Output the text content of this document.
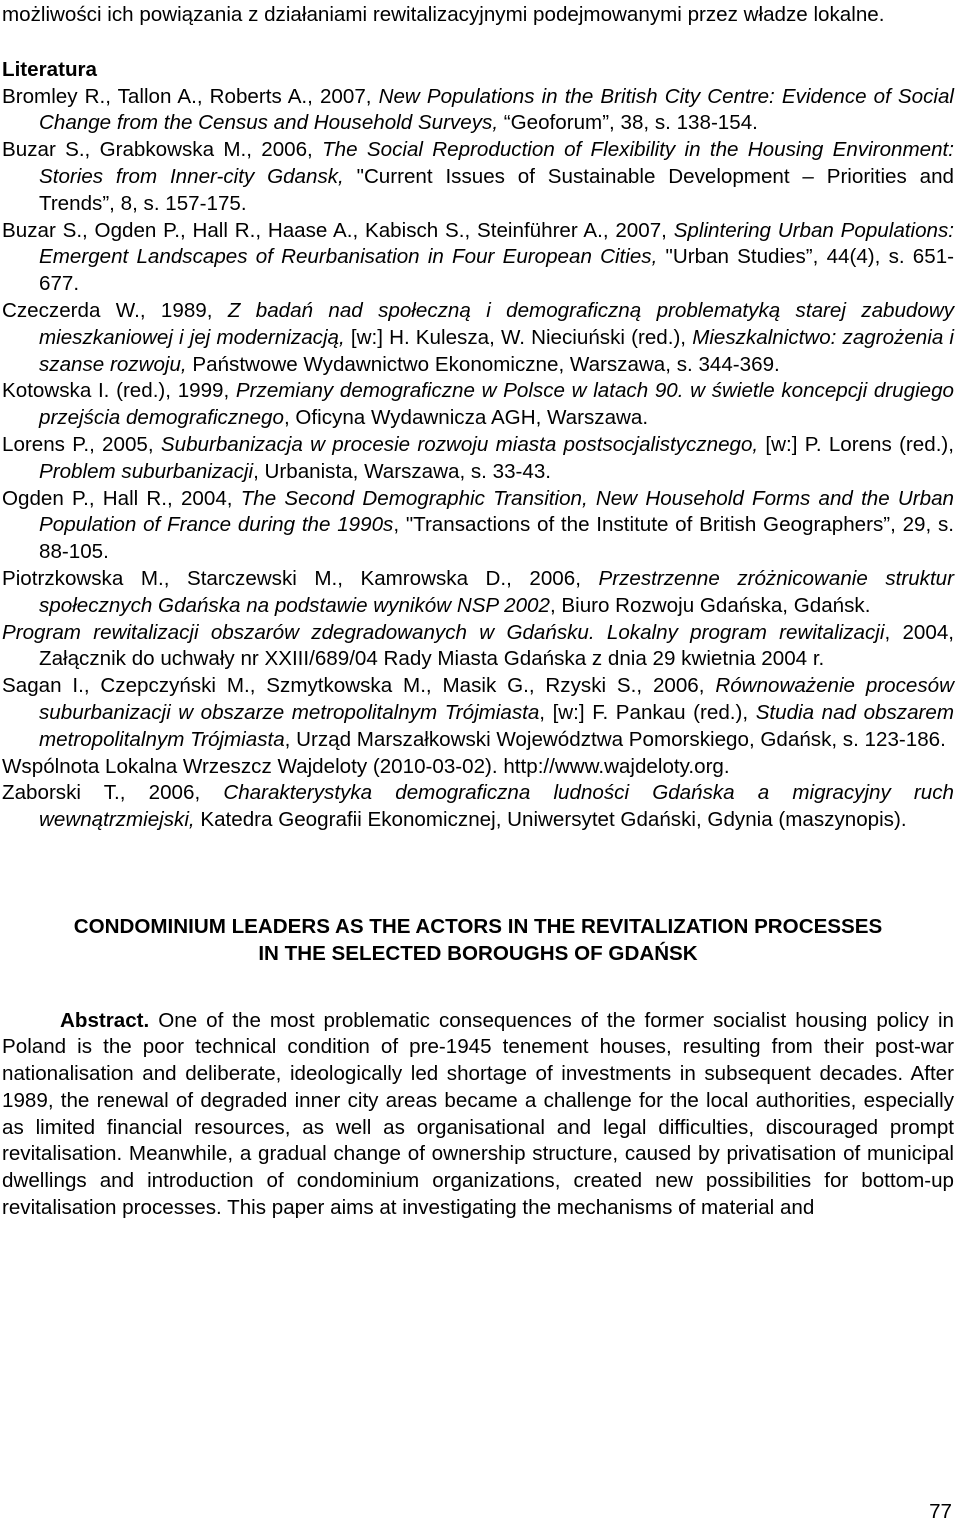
możliwości ich powiązania z działaniami rewitalizacyjnymi podejmowanymi przez władze lokalne.

Literatura

Bromley R., Tallon A., Roberts A., 2007, New Populations in the British City Centre: Evidence of Social Change from the Census and Household Surveys, “Geoforum”, 38, s. 138-154.

Buzar S., Grabkowska M., 2006, The Social Reproduction of Flexibility in the Housing Environment: Stories from Inner-city Gdansk, "Current Issues of Sustainable Development – Priorities and Trends”, 8, s. 157-175.

Buzar S., Ogden P., Hall R., Haase A., Kabisch S., Steinführer A., 2007, Splintering Urban Populations: Emergent Landscapes of Reurbanisation in Four European Cities, "Urban Studies”, 44(4), s. 651-677.

Czeczerda W., 1989, Z badań nad społeczną i demograficzną problematyką starej zabudowy mieszkaniowej i jej modernizacją, [w:] H. Kulesza, W. Nieciuński (red.), Mieszkalnictwo: zagrożenia i szanse rozwoju, Państwowe Wydawnictwo Ekonomiczne, Warszawa, s. 344-369.

Kotowska I. (red.), 1999, Przemiany demograficzne w Polsce w latach 90. w świetle koncepcji drugiego przejścia demograficznego, Oficyna Wydawnicza AGH, Warszawa.

Lorens P., 2005, Suburbanizacja w procesie rozwoju miasta postsocjalistycznego, [w:] P. Lorens (red.), Problem suburbanizacji, Urbanista, Warszawa, s. 33-43.

Ogden P., Hall R., 2004, The Second Demographic Transition, New Household Forms and the Urban Population of France during the 1990s, "Transactions of the Institute of British Geographers”, 29, s. 88-105.

Piotrzkowska M., Starczewski M., Kamrowska D., 2006, Przestrzenne zróżnicowanie struktur społecznych Gdańska na podstawie wyników NSP 2002, Biuro Rozwoju Gdańska, Gdańsk.

Program rewitalizacji obszarów zdegradowanych w Gdańsku. Lokalny program rewitalizacji, 2004, Załącznik do uchwały nr XXIII/689/04 Rady Miasta Gdańska z dnia 29 kwietnia 2004 r.

Sagan I., Czepczyński M., Szmytkowska M., Masik G., Rzyski S., 2006, Równoważenie procesów suburbanizacji w obszarze metropolitalnym Trójmiasta, [w:] F. Pankau (red.), Studia nad obszarem metropolitalnym Trójmiasta, Urząd Marszałkowski Województwa Pomorskiego, Gdańsk, s. 123-186.

Wspólnota Lokalna Wrzeszcz Wajdeloty (2010-03-02). http://www.wajdeloty.org.

Zaborski T., 2006, Charakterystyka demograficzna ludności Gdańska a migracyjny ruch wewnątrzmiejski, Katedra Geografii Ekonomicznej, Uniwersytet Gdański, Gdynia (maszynopis).

CONDOMINIUM LEADERS AS THE ACTORS IN THE REVITALIZATION PROCESSES
IN THE SELECTED BOROUGHS OF GDAŃSK

Abstract. One of the most problematic consequences of the former socialist housing policy in Poland is the poor technical condition of pre-1945 tenement houses, resulting from their post-war nationalisation and deliberate, ideologically led shortage of investments in subsequent decades. After 1989, the renewal of degraded inner city areas became a challenge for the local authorities, especially as limited financial resources, as well as organisational and legal difficulties, discouraged prompt revitalisation. Meanwhile, a gradual change of ownership structure, caused by privatisation of municipal dwellings and introduction of condominium organizations, created new possibilities for bottom-up revitalisation processes. This paper aims at investigating the mechanisms of material and

77
